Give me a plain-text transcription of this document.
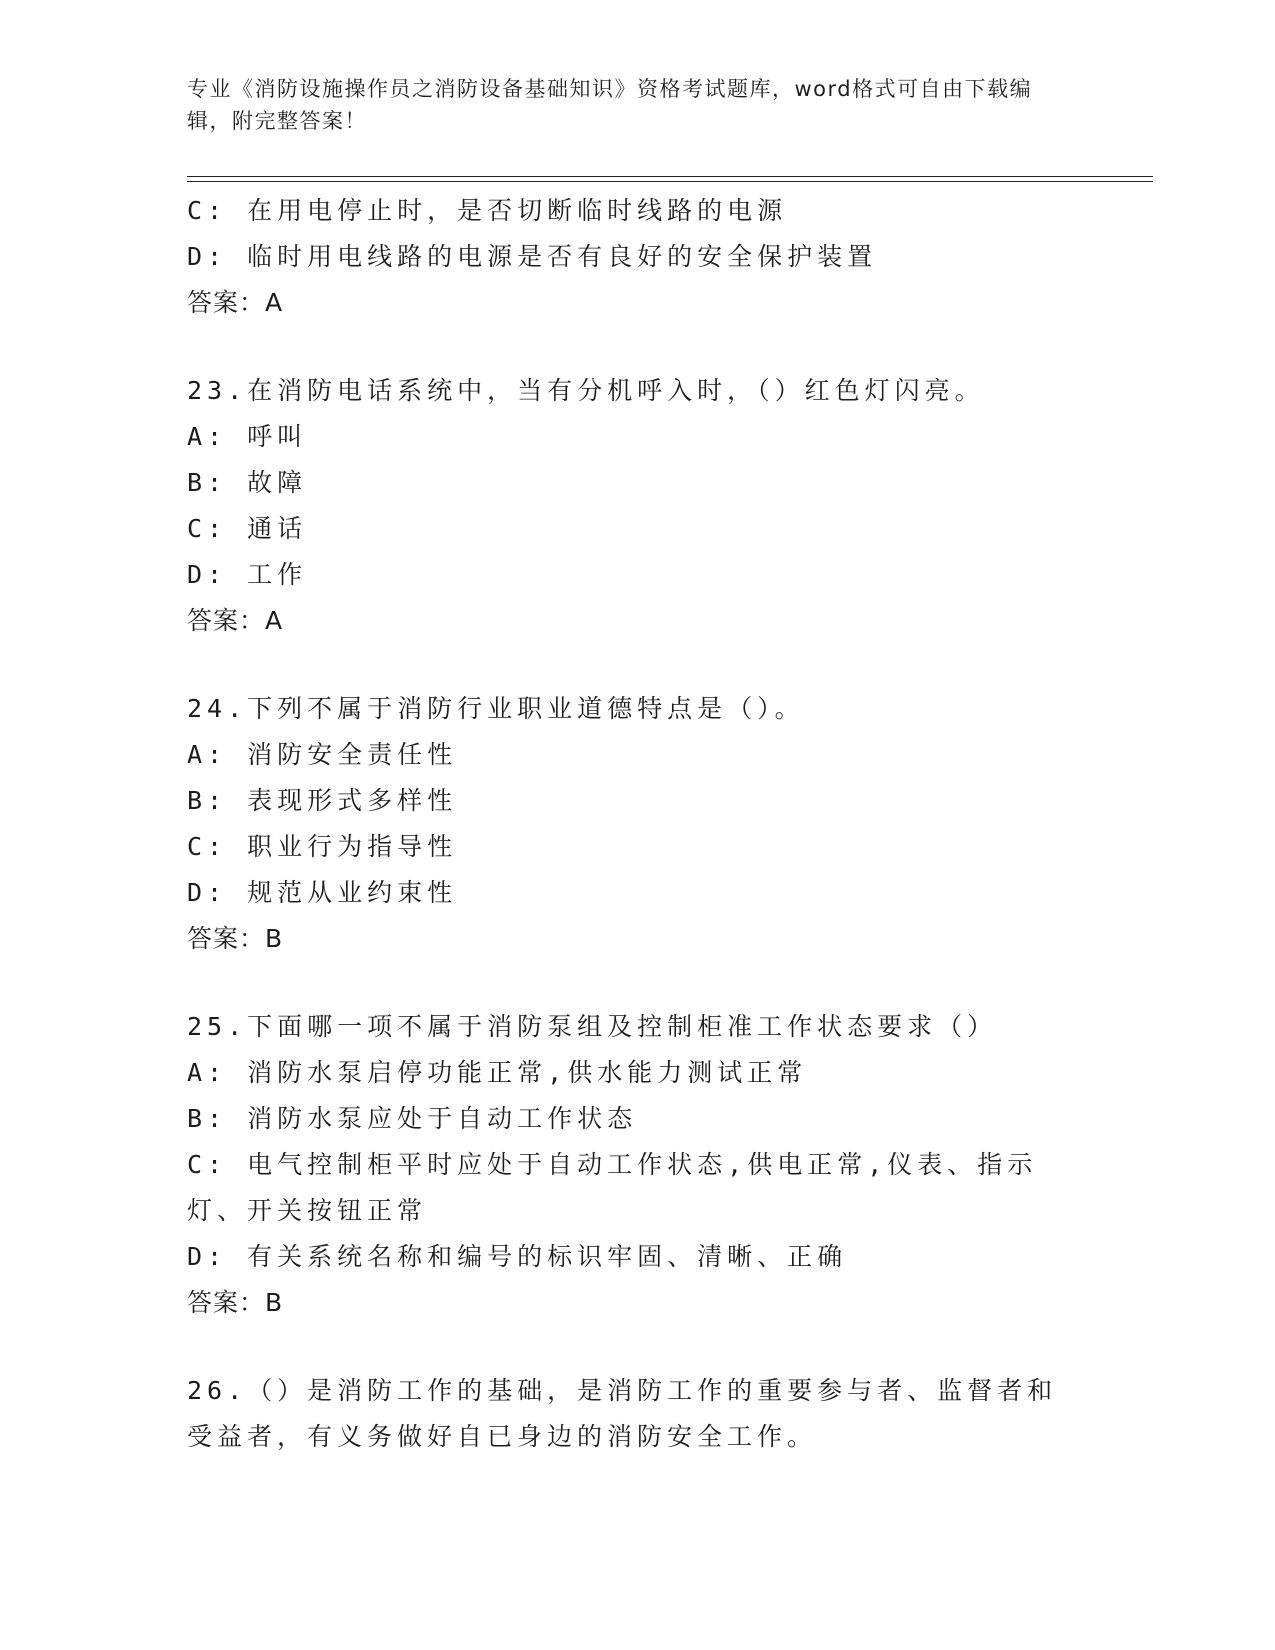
专业《消防设施操作员之消防设备基础知识》资格考试题库，word格式可自由下载编辑，附完整答案！
C: 在用电停止时，是否切断临时线路的电源
D: 临时用电线路的电源是否有良好的安全保护装置
答案：A
23.在消防电话系统中，当有分机呼入时，（）红色灯闪亮。
A: 呼叫
B: 故障
C: 通话
D: 工作
答案：A
24.下列不属于消防行业职业道德特点是（）。
A: 消防安全责任性
B: 表现形式多样性
C: 职业行为指导性
D: 规范从业约束性
答案：B
25.下面哪一项不属于消防泵组及控制柜准工作状态要求（）
A: 消防水泵启停功能正常,供水能力测试正常
B: 消防水泵应处于自动工作状态
C: 电气控制柜平时应处于自动工作状态,供电正常,仪表、指示灯、开关按钮正常
D: 有关系统名称和编号的标识牢固、清晰、正确
答案：B
26.（）是消防工作的基础，是消防工作的重要参与者、监督者和受益者，有义务做好自已身边的消防安全工作。
